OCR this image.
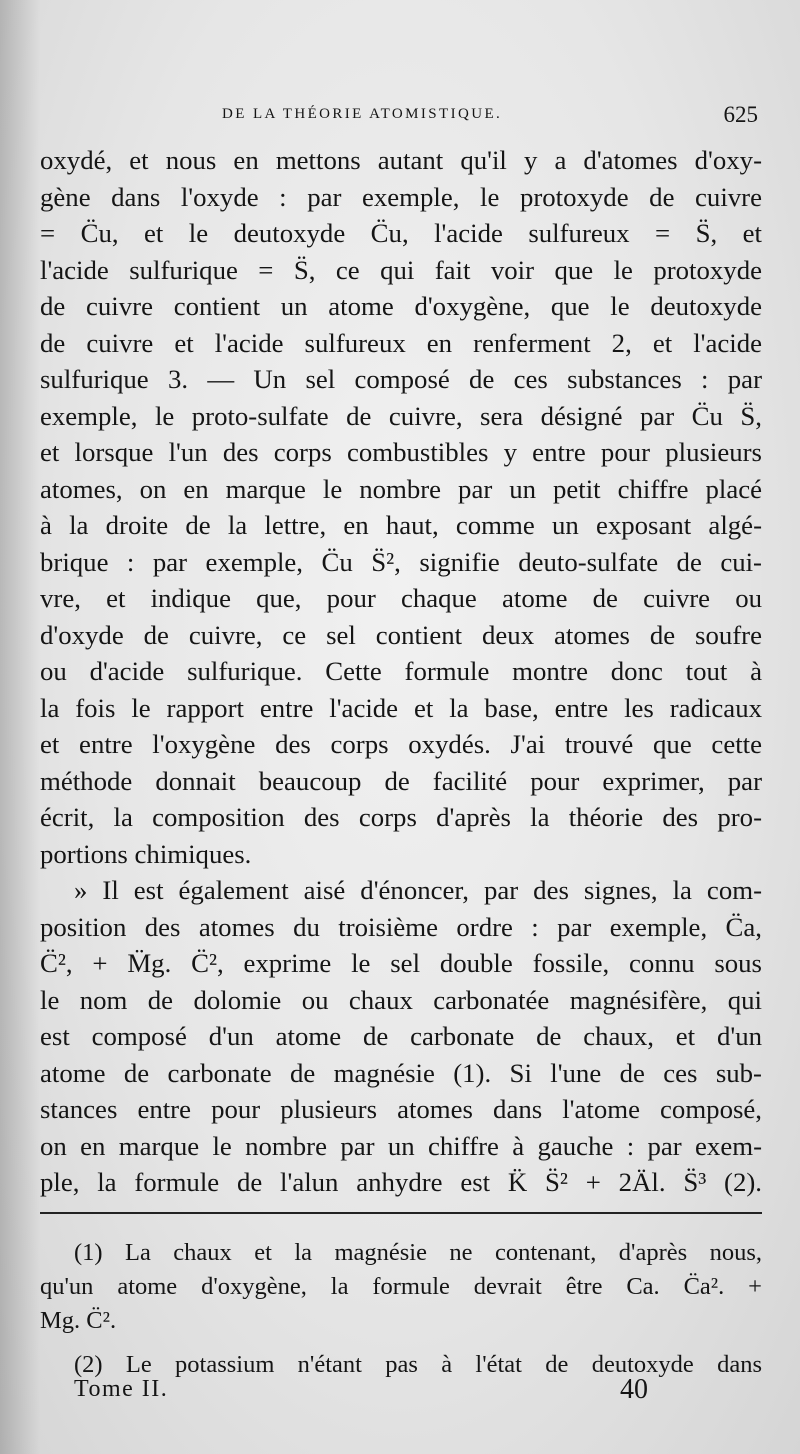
DE LA THÉORIE ATOMISTIQUE.	625
oxydé, et nous en mettons autant qu'il y a d'atomes d'oxy-
gène dans l'oxyde : par exemple, le protoxyde de cuivre
= C̈u, et le deutoxyde C̈u, l'acide sulfureux = S̈, et
l'acide sulfurique = S̈, ce qui fait voir que le protoxyde
de cuivre contient un atome d'oxygène, que le deutoxyde
de cuivre et l'acide sulfureux en renferment 2, et l'acide
sulfurique 3. — Un sel composé de ces substances : par
exemple, le proto-sulfate de cuivre, sera désigné par C̈u S̈,
et lorsque l'un des corps combustibles y entre pour plusieurs
atomes, on en marque le nombre par un petit chiffre placé
à la droite de la lettre, en haut, comme un exposant algé-
brique : par exemple, C̈u S̈², signifie deuto-sulfate de cui-
vre, et indique que, pour chaque atome de cuivre ou
d'oxyde de cuivre, ce sel contient deux atomes de soufre
ou d'acide sulfurique. Cette formule montre donc tout à
la fois le rapport entre l'acide et la base, entre les radicaux
et entre l'oxygène des corps oxydés. J'ai trouvé que cette
méthode donnait beaucoup de facilité pour exprimer, par
écrit, la composition des corps d'après la théorie des pro-
portions chimiques.
» Il est également aisé d'énoncer, par des signes, la com-
position des atomes du troisième ordre : par exemple, C̈a,
C̈², + M̈g. C̈², exprime le sel double fossile, connu sous
le nom de dolomie ou chaux carbonatée magnésifère, qui
est composé d'un atome de carbonate de chaux, et d'un
atome de carbonate de magnésie (1). Si l'une de ces sub-
stances entre pour plusieurs atomes dans l'atome composé,
on en marque le nombre par un chiffre à gauche : par exem-
ple, la formule de l'alun anhydre est K̈ S̈² + 2Äl. S̈³ (2).
(1) La chaux et la magnésie ne contenant, d'après nous,
qu'un atome d'oxygène, la formule devrait être Ca. C̈a². +
Mg. C̈².
(2) Le potassium n'étant pas à l'état de deutoxyde dans
Tome II.	40
